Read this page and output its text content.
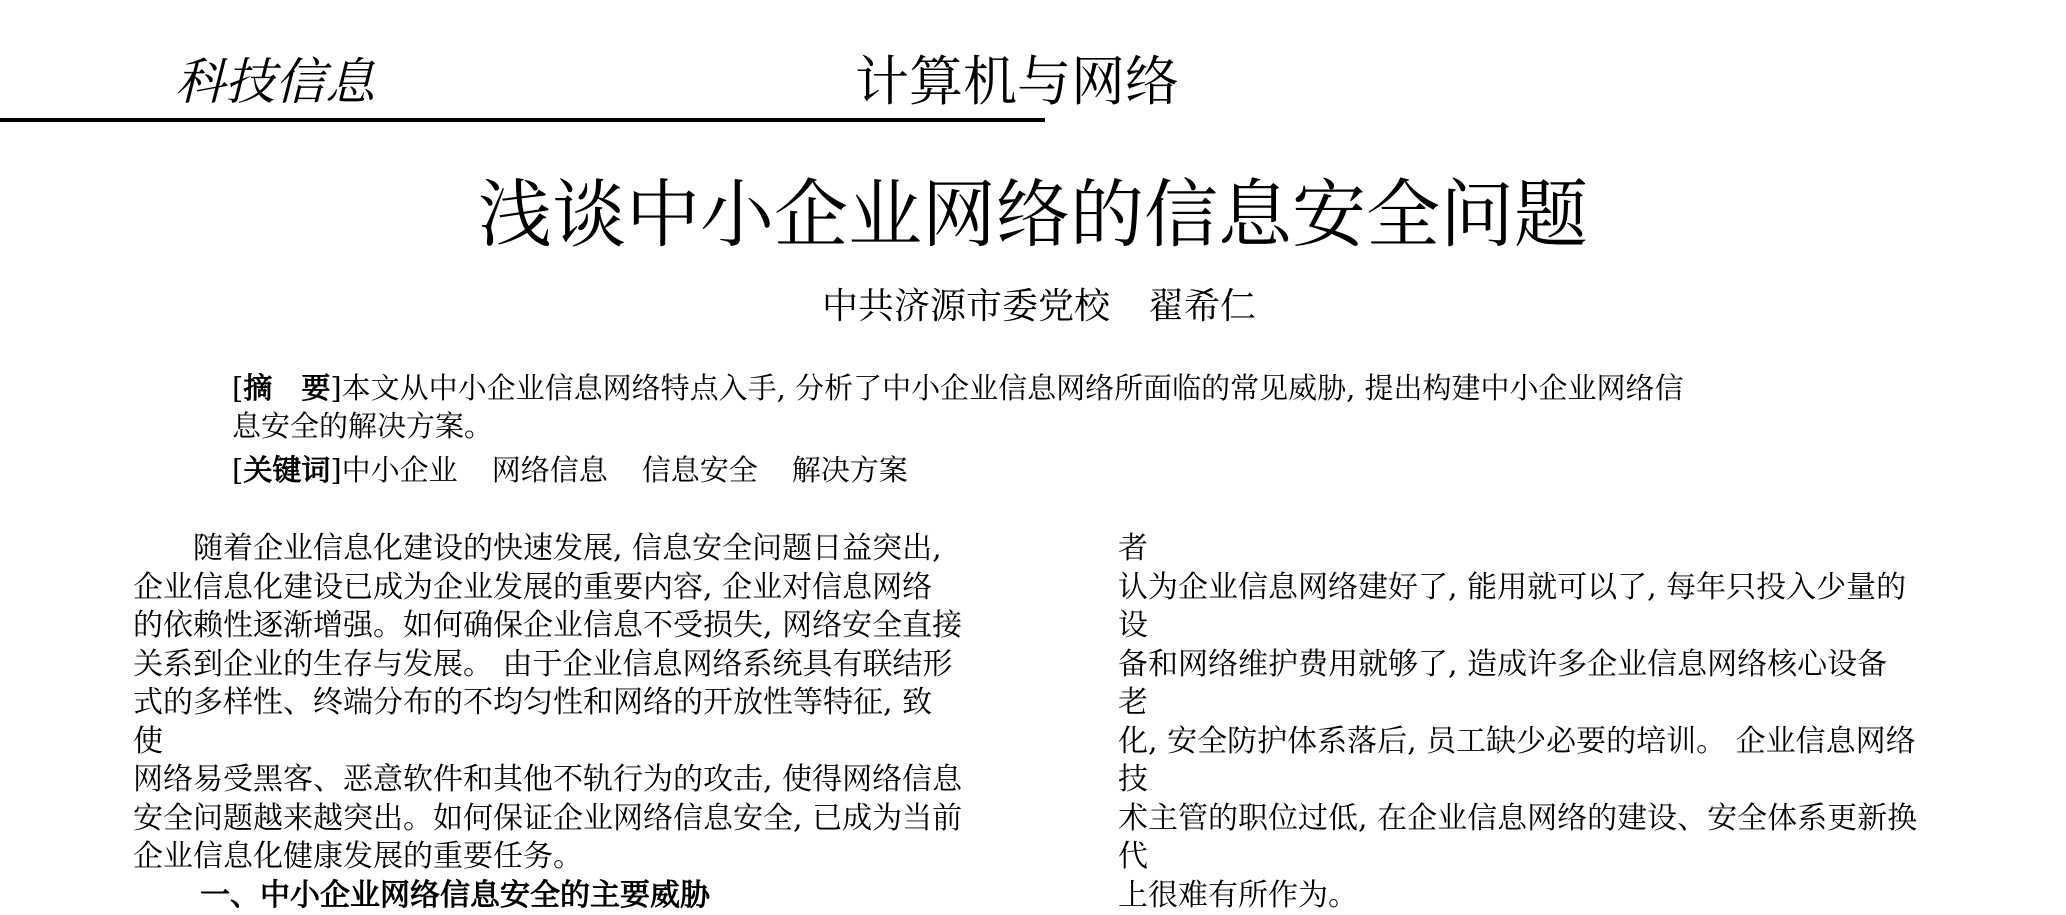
科技信息	计算机与网络
浅谈中小企业网络的信息安全问题
中共济源市委党校 翟希仁
[摘　要]本文从中小企业信息网络特点入手, 分析了中小企业信息网络所面临的常见威胁, 提出构建中小企业网络信
息安全的解决方案。
[关键词]中小企业 网络信息 信息安全 解决方案
　　随着企业信息化建设的快速发展, 信息安全问题日益突出,
企业信息化建设已成为企业发展的重要内容, 企业对信息网络
的依赖性逐渐增强。如何确保企业信息不受损失, 网络安全直接
关系到企业的生存与发展。 由于企业信息网络系统具有联结形
式的多样性、终端分布的不均匀性和网络的开放性等特征, 致
使
网络易受黑客、恶意软件和其他不轨行为的攻击, 使得网络信息
安全问题越来越突出。如何保证企业网络信息安全, 已成为当前
企业信息化健康发展的重要任务。
一、中小企业网络信息安全的主要威胁
者
认为企业信息网络建好了, 能用就可以了, 每年只投入少量的
设
备和网络维护费用就够了, 造成许多企业信息网络核心设备
老
化, 安全防护体系落后, 员工缺少必要的培训。 企业信息网络
技
术主管的职位过低, 在企业信息网络的建设、安全体系更新换
代
上很难有所作为。
